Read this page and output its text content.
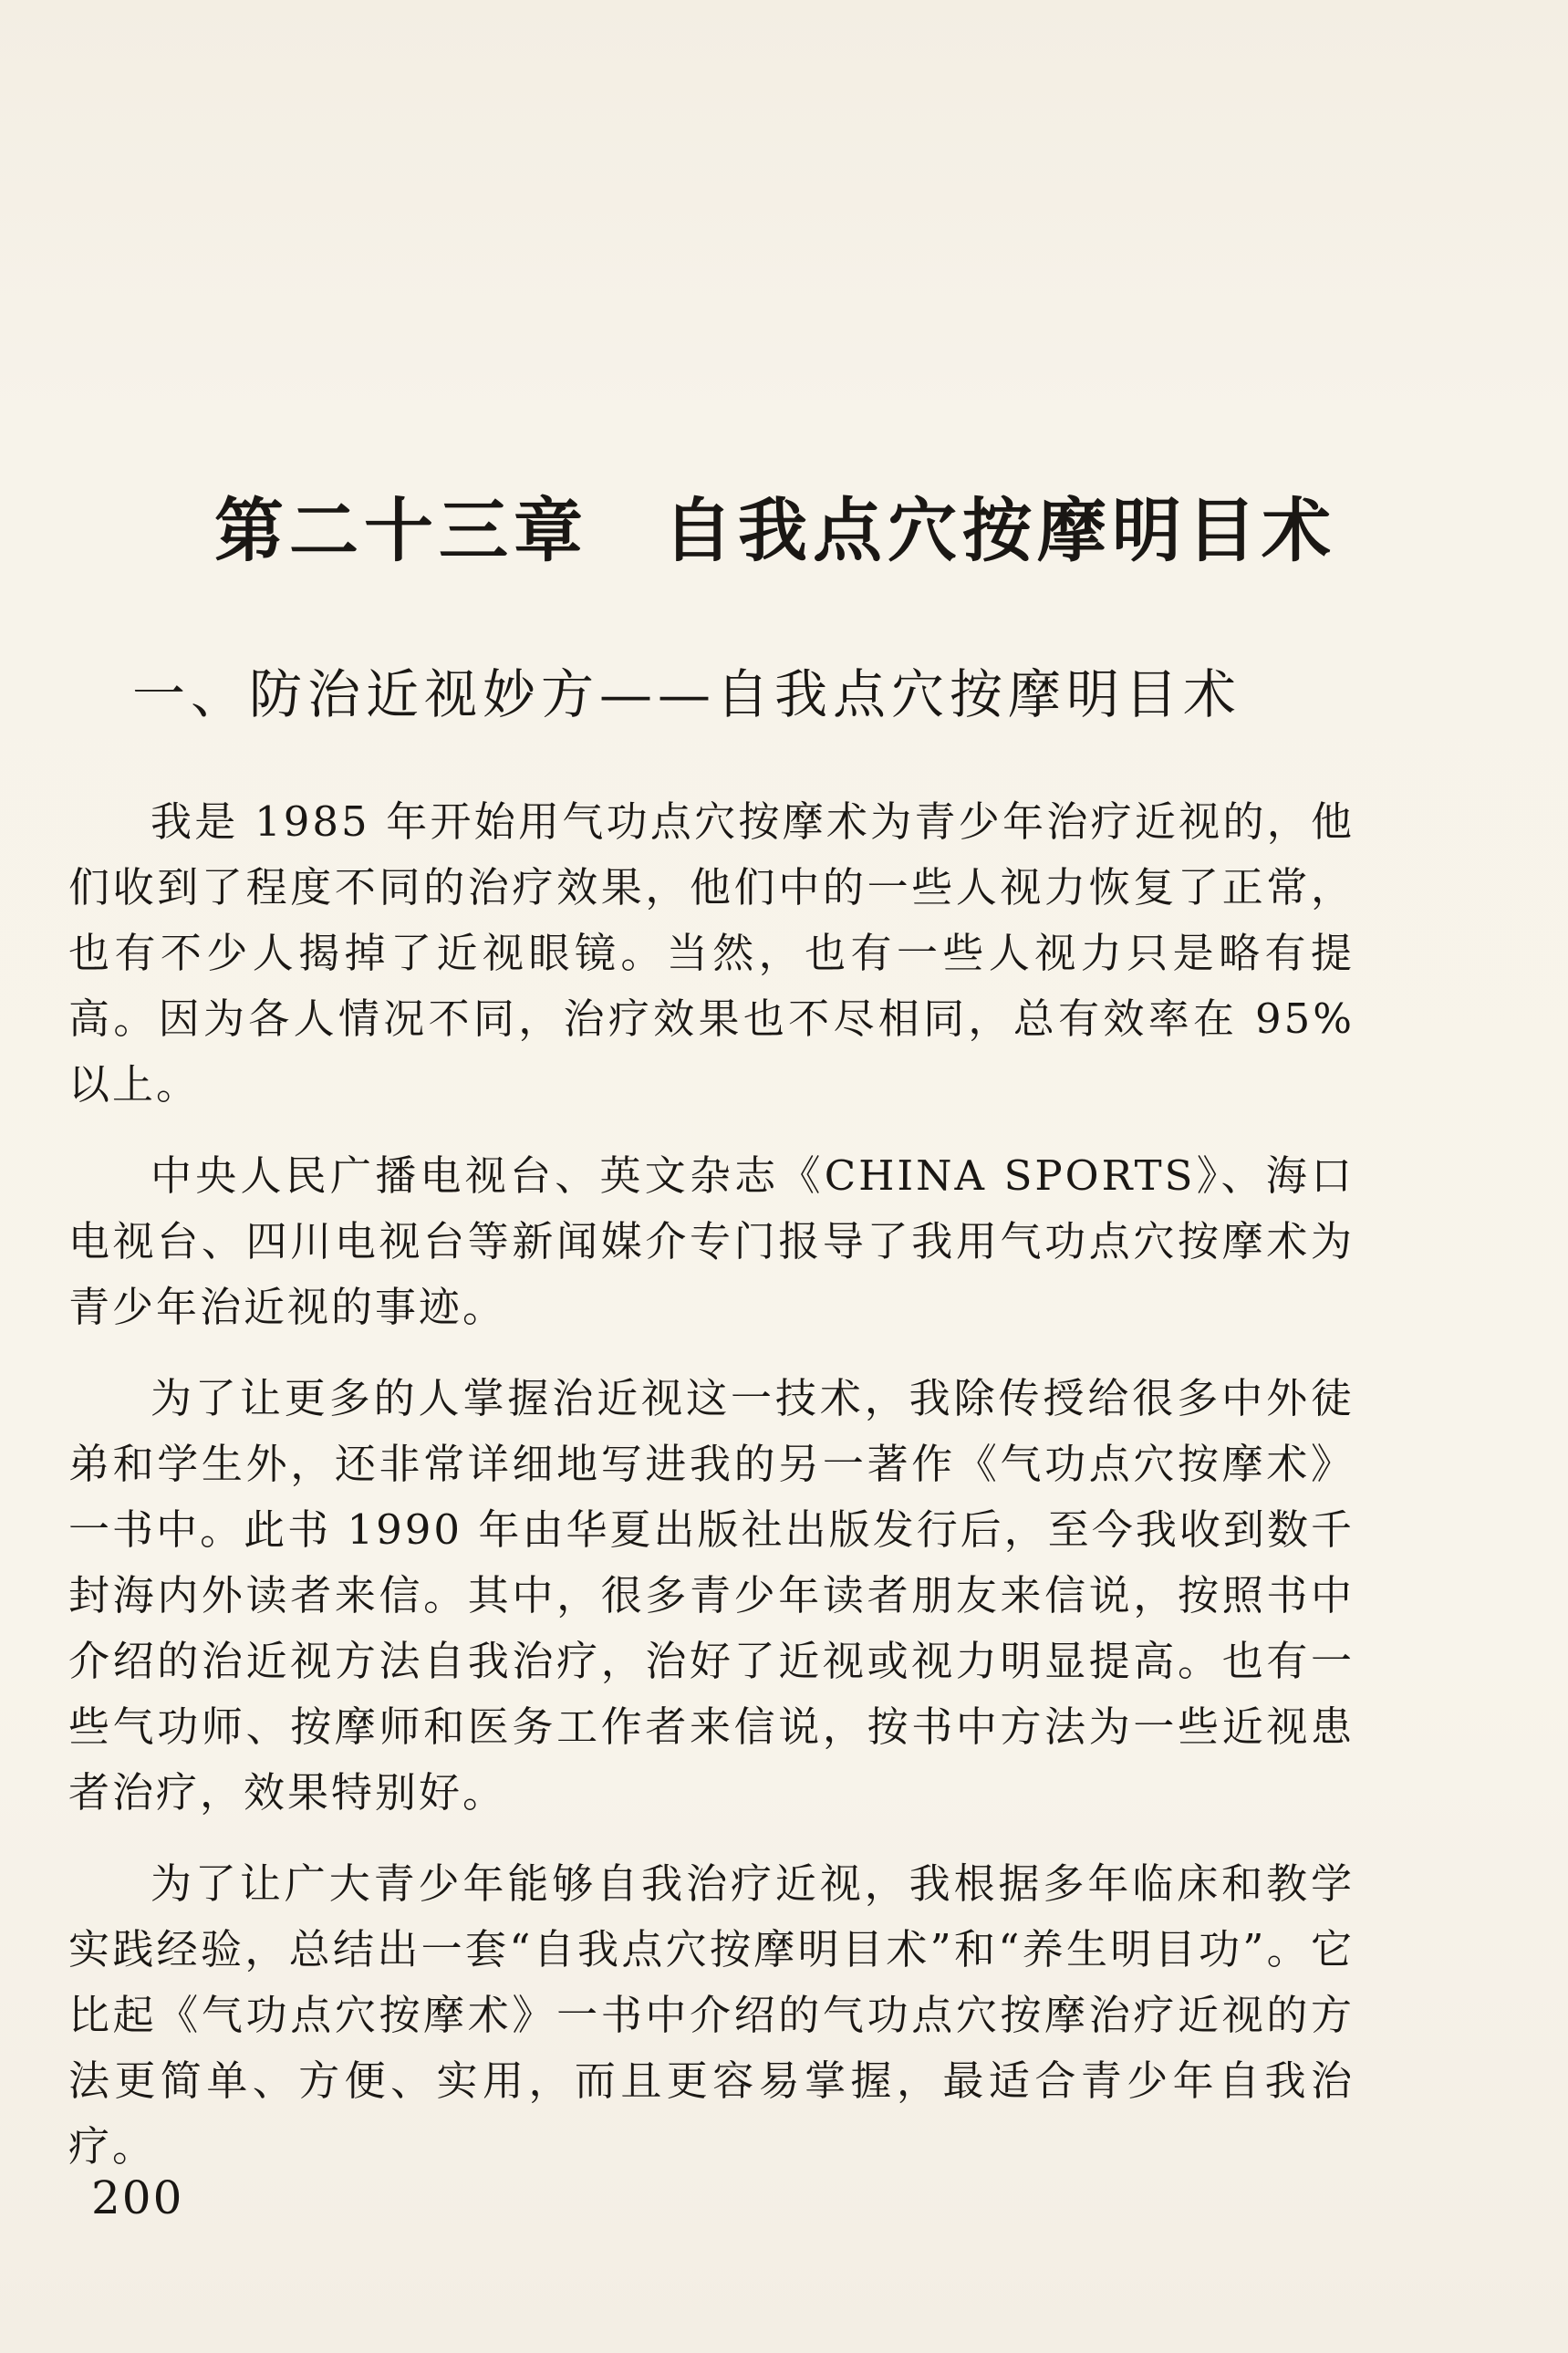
第二十三章　自我点穴按摩明目术
一、防治近视妙方——自我点穴按摩明目术

我是 1985 年开始用气功点穴按摩术为青少年治疗近视的，他们收到了程度不同的治疗效果，他们中的一些人视力恢复了正常，也有不少人揭掉了近视眼镜。当然，也有一些人视力只是略有提高。因为各人情况不同，治疗效果也不尽相同，总有效率在 95%以上。

中央人民广播电视台、英文杂志《CHINA SPORTS》、海口电视台、四川电视台等新闻媒介专门报导了我用气功点穴按摩术为青少年治近视的事迹。

为了让更多的人掌握治近视这一技术，我除传授给很多中外徒弟和学生外，还非常详细地写进我的另一著作《气功点穴按摩术》一书中。此书 1990 年由华夏出版社出版发行后，至今我收到数千封海内外读者来信。其中，很多青少年读者朋友来信说，按照书中介绍的治近视方法自我治疗，治好了近视或视力明显提高。也有一些气功师、按摩师和医务工作者来信说，按书中方法为一些近视患者治疗，效果特别好。

为了让广大青少年能够自我治疗近视，我根据多年临床和教学实践经验，总结出一套“自我点穴按摩明目术”和“养生明目功”。它比起《气功点穴按摩术》一书中介绍的气功点穴按摩治疗近视的方法更简单、方便、实用，而且更容易掌握，最适合青少年自我治疗。

200
